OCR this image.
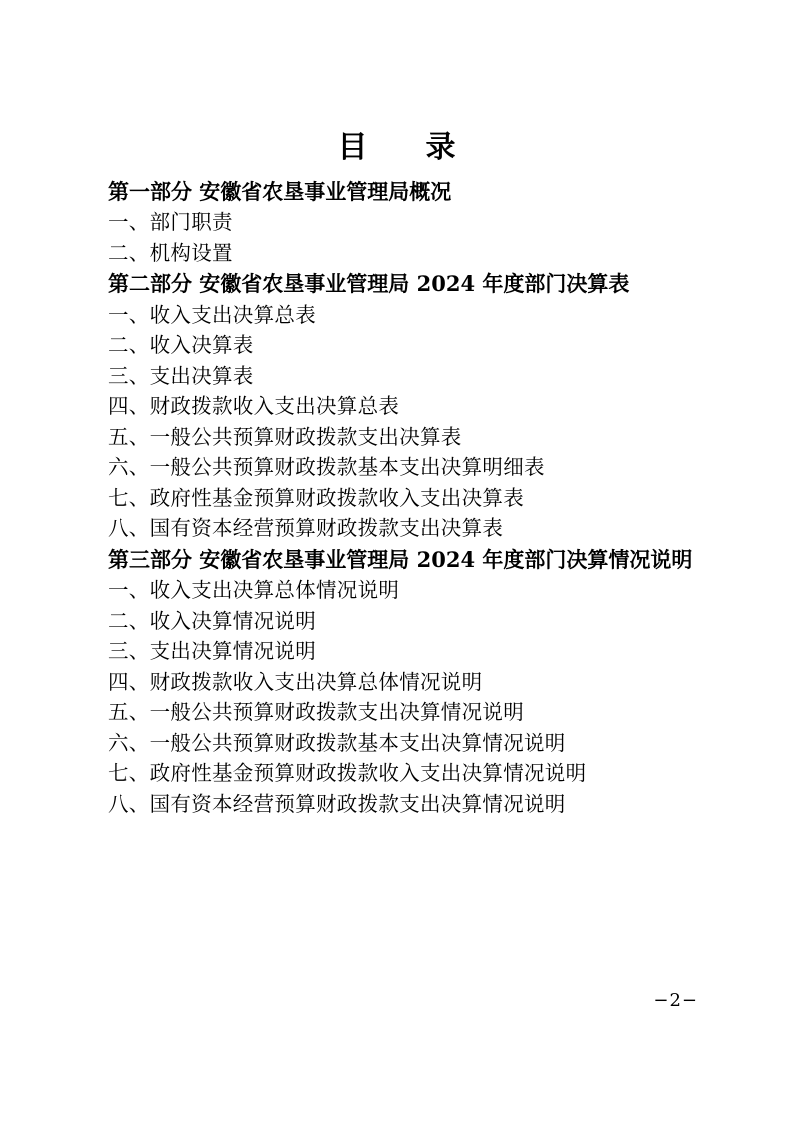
目　录
第一部分 安徽省农垦事业管理局概况
一、部门职责
二、机构设置
第二部分 安徽省农垦事业管理局 2024 年度部门决算表
一、收入支出决算总表
二、收入决算表
三、支出决算表
四、财政拨款收入支出决算总表
五、一般公共预算财政拨款支出决算表
六、一般公共预算财政拨款基本支出决算明细表
七、政府性基金预算财政拨款收入支出决算表
八、国有资本经营预算财政拨款支出决算表
第三部分 安徽省农垦事业管理局 2024 年度部门决算情况说明
一、收入支出决算总体情况说明
二、收入决算情况说明
三、支出决算情况说明
四、财政拨款收入支出决算总体情况说明
五、一般公共预算财政拨款支出决算情况说明
六、一般公共预算财政拨款基本支出决算情况说明
七、政府性基金预算财政拨款收入支出决算情况说明
八、国有资本经营预算财政拨款支出决算情况说明
−2−
